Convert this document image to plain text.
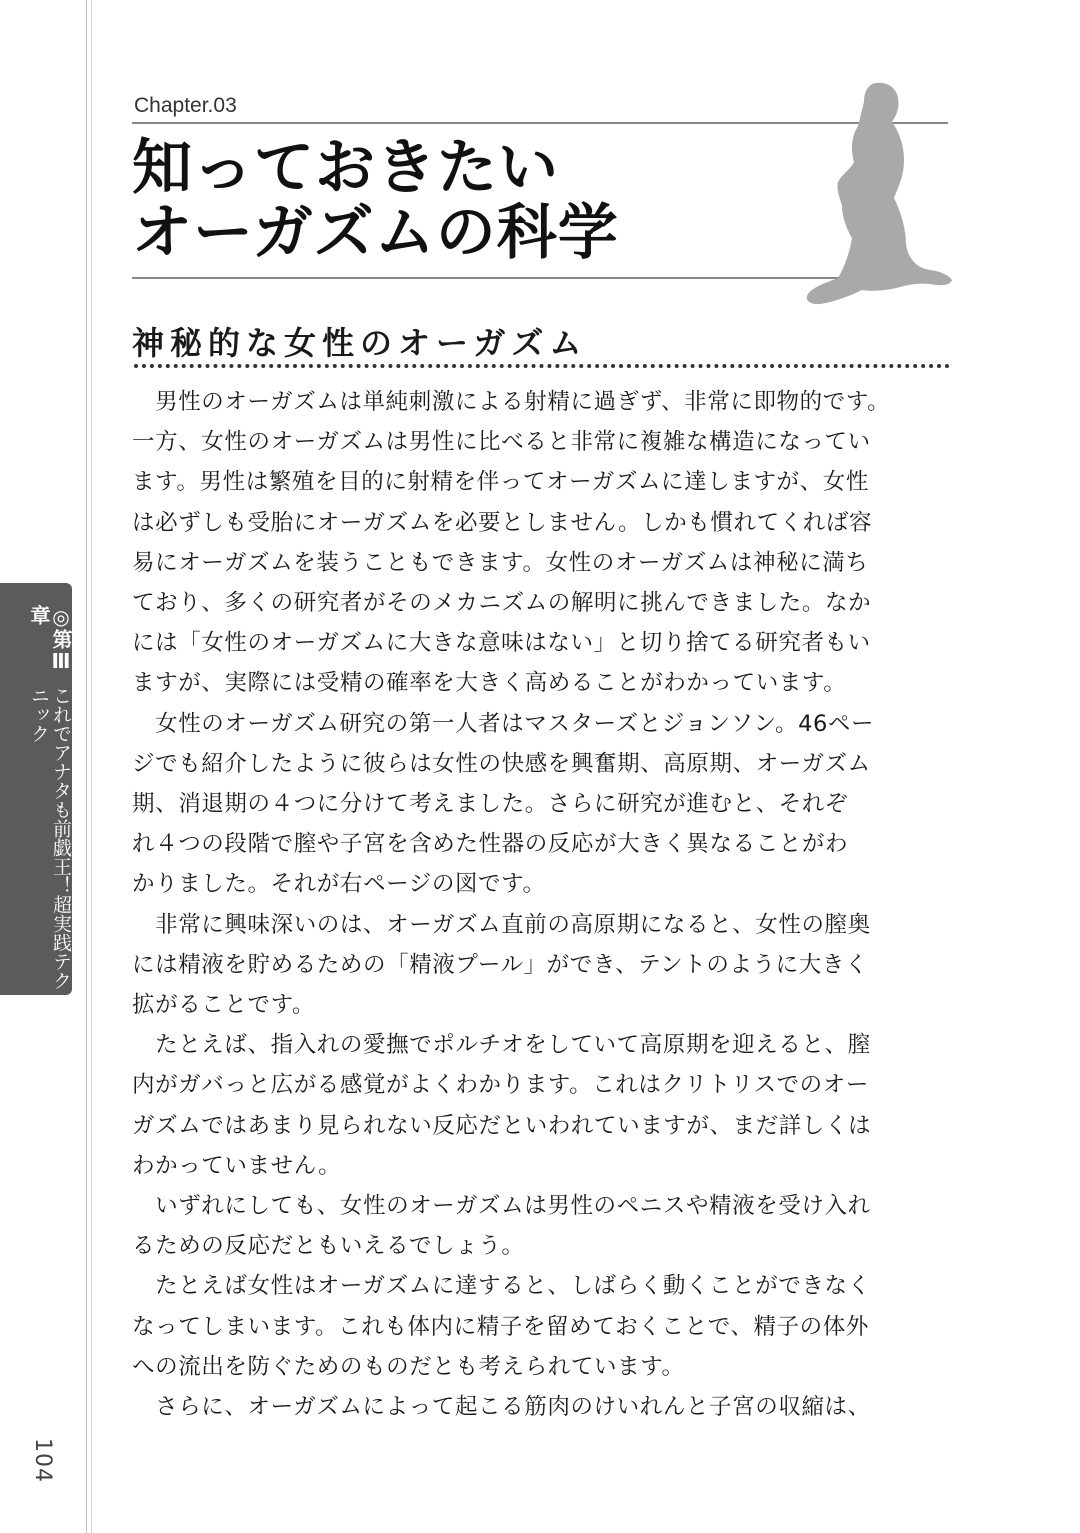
◎第Ⅲ章
これでアナタも前戯王！超実践テクニック
104
Chapter.03
知っておきたい
オーガズムの科学
神秘的な女性のオーガズム
　男性のオーガズムは単純刺激による射精に過ぎず、非常に即物的です。
一方、女性のオーガズムは男性に比べると非常に複雑な構造になってい
ます。男性は繁殖を目的に射精を伴ってオーガズムに達しますが、女性
は必ずしも受胎にオーガズムを必要としません。しかも慣れてくれば容
易にオーガズムを装うこともできます。女性のオーガズムは神秘に満ち
ており、多くの研究者がそのメカニズムの解明に挑んできました。なか
には「女性のオーガズムに大きな意味はない」と切り捨てる研究者もい
ますが、実際には受精の確率を大きく高めることがわかっています。
　女性のオーガズム研究の第一人者はマスターズとジョンソン。46ペー
ジでも紹介したように彼らは女性の快感を興奮期、高原期、オーガズム
期、消退期の４つに分けて考えました。さらに研究が進むと、それぞ
れ４つの段階で膣や子宮を含めた性器の反応が大きく異なることがわ
かりました。それが右ページの図です。
　非常に興味深いのは、オーガズム直前の高原期になると、女性の膣奥
には精液を貯めるための「精液プール」ができ、テントのように大きく
拡がることです。
　たとえば、指入れの愛撫でポルチオをしていて高原期を迎えると、膣
内がガバっと広がる感覚がよくわかります。これはクリトリスでのオー
ガズムではあまり見られない反応だといわれていますが、まだ詳しくは
わかっていません。
　いずれにしても、女性のオーガズムは男性のペニスや精液を受け入れ
るための反応だともいえるでしょう。
　たとえば女性はオーガズムに達すると、しばらく動くことができなく
なってしまいます。これも体内に精子を留めておくことで、精子の体外
への流出を防ぐためのものだとも考えられています。
　さらに、オーガズムによって起こる筋肉のけいれんと子宮の収縮は、
